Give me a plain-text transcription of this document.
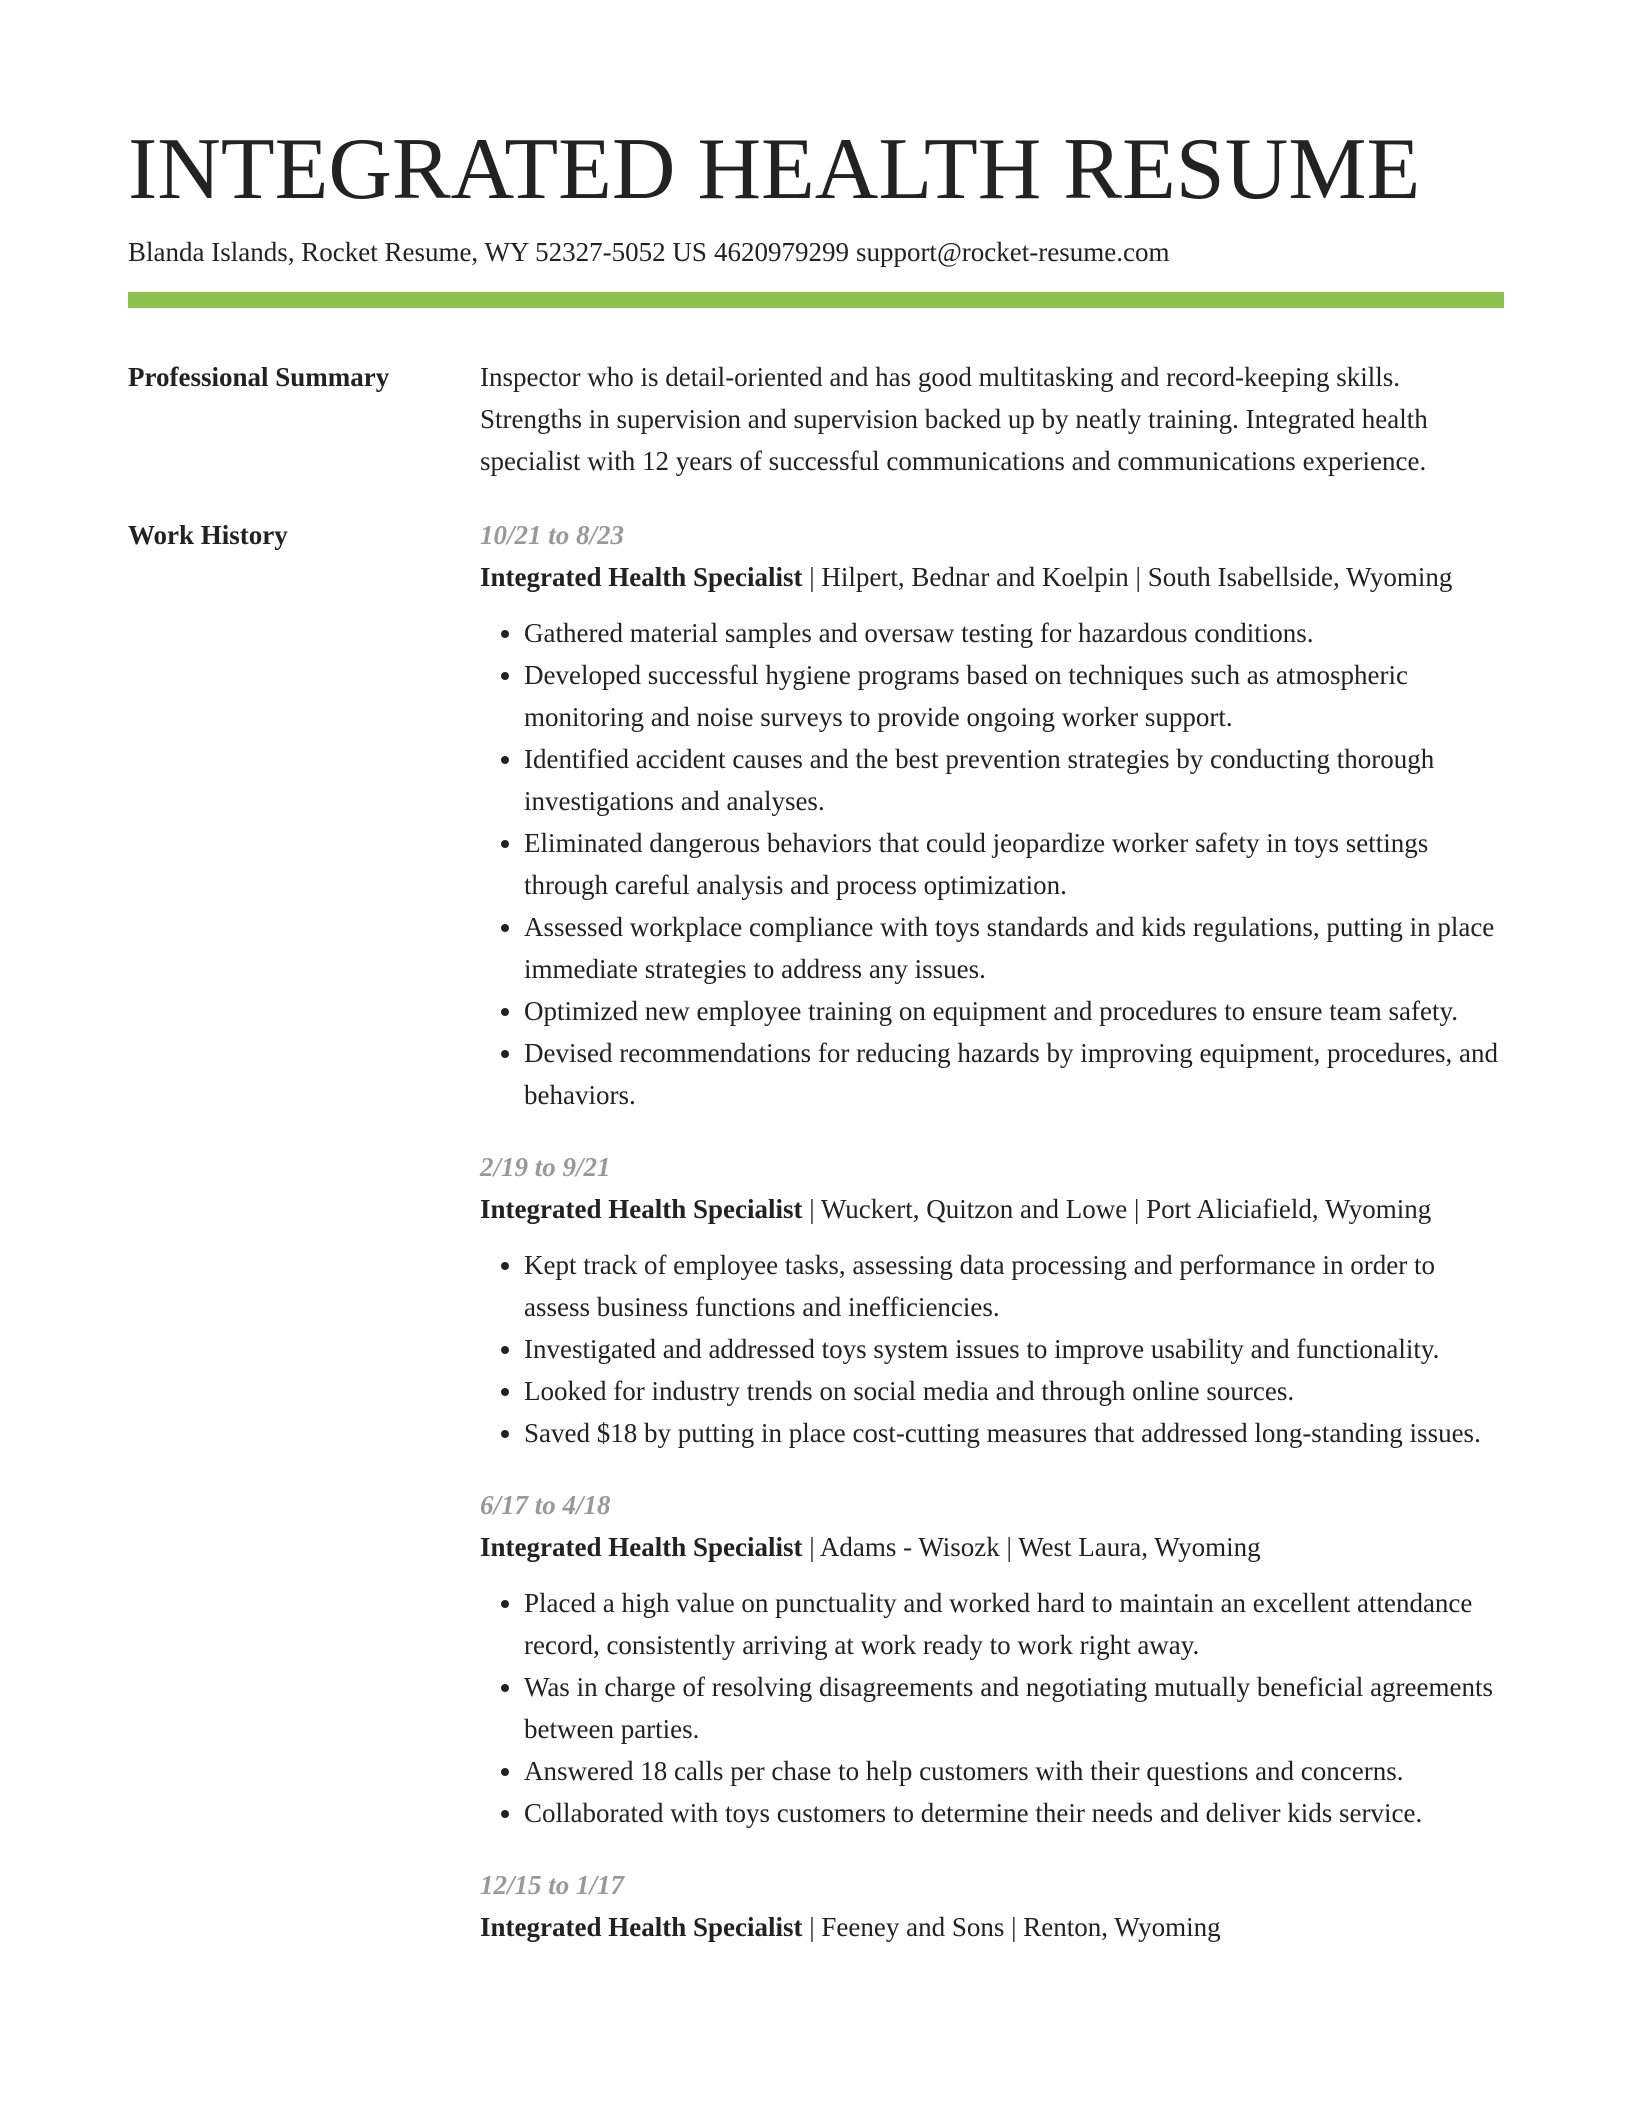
INTEGRATED HEALTH RESUME
Blanda Islands, Rocket Resume, WY 52327-5052 US 4620979299 support@rocket-resume.com
Professional Summary	Inspector who is detail-oriented and has good multitasking and record-keeping skills. Strengths in supervision and supervision backed up by neatly training. Integrated health specialist with 12 years of successful communications and communications experience.

Work History	10/21 to 8/23

Integrated Health Specialist | Hilpert, Bednar and Koelpin | South Isabellside, Wyoming

• Gathered material samples and oversaw testing for hazardous conditions.
• Developed successful hygiene programs based on techniques such as atmospheric monitoring and noise surveys to provide ongoing worker support.
• Identified accident causes and the best prevention strategies by conducting thorough investigations and analyses.
• Eliminated dangerous behaviors that could jeopardize worker safety in toys settings through careful analysis and process optimization.
• Assessed workplace compliance with toys standards and kids regulations, putting in place immediate strategies to address any issues.
• Optimized new employee training on equipment and procedures to ensure team safety.
• Devised recommendations for reducing hazards by improving equipment, procedures, and behaviors.
2/19 to 9/21

Integrated Health Specialist | Wuckert, Quitzon and Lowe | Port Aliciafield, Wyoming

• Kept track of employee tasks, assessing data processing and performance in order to assess business functions and inefficiencies.
• Investigated and addressed toys system issues to improve usability and functionality.
• Looked for industry trends on social media and through online sources.
• Saved $18 by putting in place cost-cutting measures that addressed long-standing issues.
6/17 to 4/18

Integrated Health Specialist | Adams - Wisozk | West Laura, Wyoming

• Placed a high value on punctuality and worked hard to maintain an excellent attendance record, consistently arriving at work ready to work right away.
• Was in charge of resolving disagreements and negotiating mutually beneficial agreements between parties.
• Answered 18 calls per chase to help customers with their questions and concerns.
• Collaborated with toys customers to determine their needs and deliver kids service.
12/15 to 1/17

Integrated Health Specialist | Feeney and Sons | Renton, Wyoming
